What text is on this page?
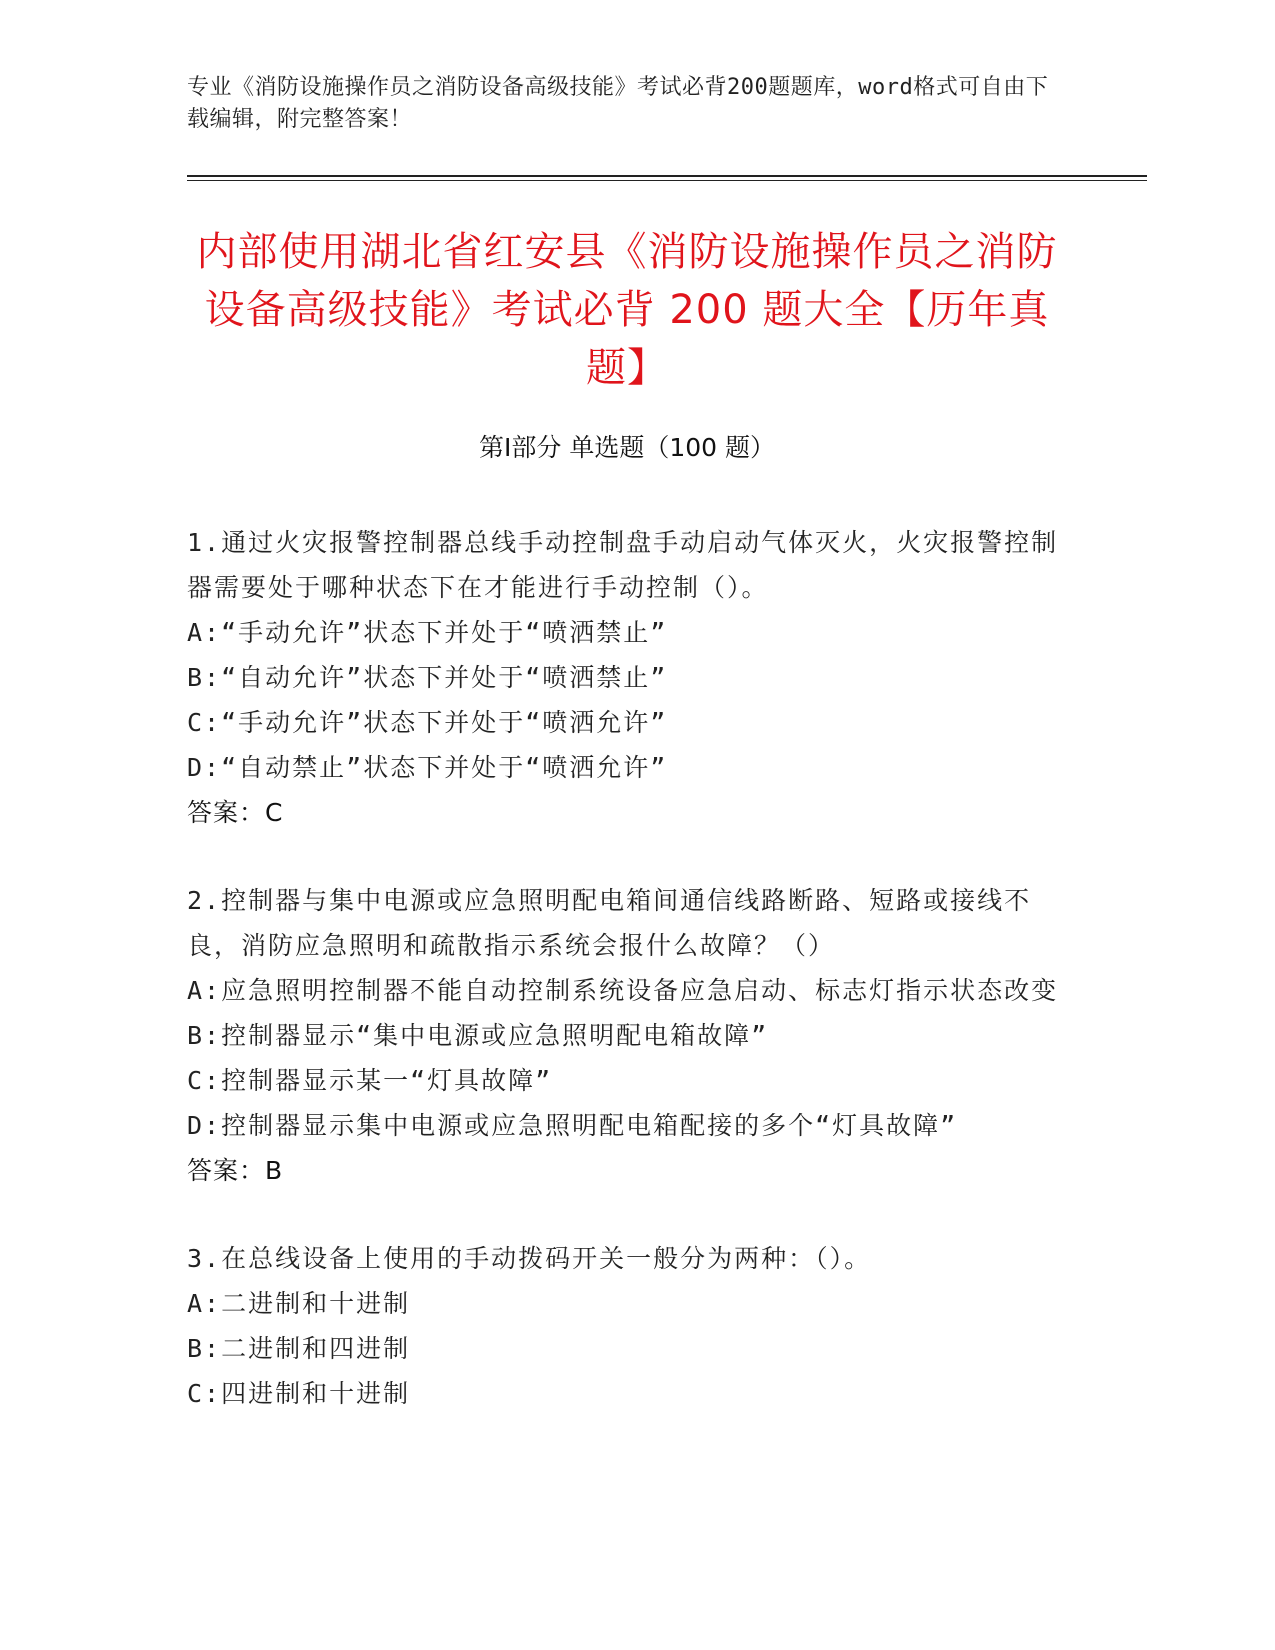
专业《消防设施操作员之消防设备高级技能》考试必背200题题库，word格式可自由下载编辑，附完整答案！
内部使用湖北省红安县《消防设施操作员之消防设备高级技能》考试必背 200 题大全【历年真题】
第Ⅰ部分 单选题（100 题）

1.通过火灾报警控制器总线手动控制盘手动启动气体灭火，火灾报警控制器需要处于哪种状态下在才能进行手动控制（）。

A:“手动允许”状态下并处于“喷洒禁止”

B:“自动允许”状态下并处于“喷洒禁止”

C:“手动允许”状态下并处于“喷洒允许”

D:“自动禁止”状态下并处于“喷洒允许”

答案：C

2.控制器与集中电源或应急照明配电箱间通信线路断路、短路或接线不良，消防应急照明和疏散指示系统会报什么故障？（）

A:应急照明控制器不能自动控制系统设备应急启动、标志灯指示状态改变

B:控制器显示“集中电源或应急照明配电箱故障”

C:控制器显示某一“灯具故障”

D:控制器显示集中电源或应急照明配电箱配接的多个“灯具故障”

答案：B

3.在总线设备上使用的手动拨码开关一般分为两种：（）。

A:二进制和十进制

B:二进制和四进制

C:四进制和十进制
